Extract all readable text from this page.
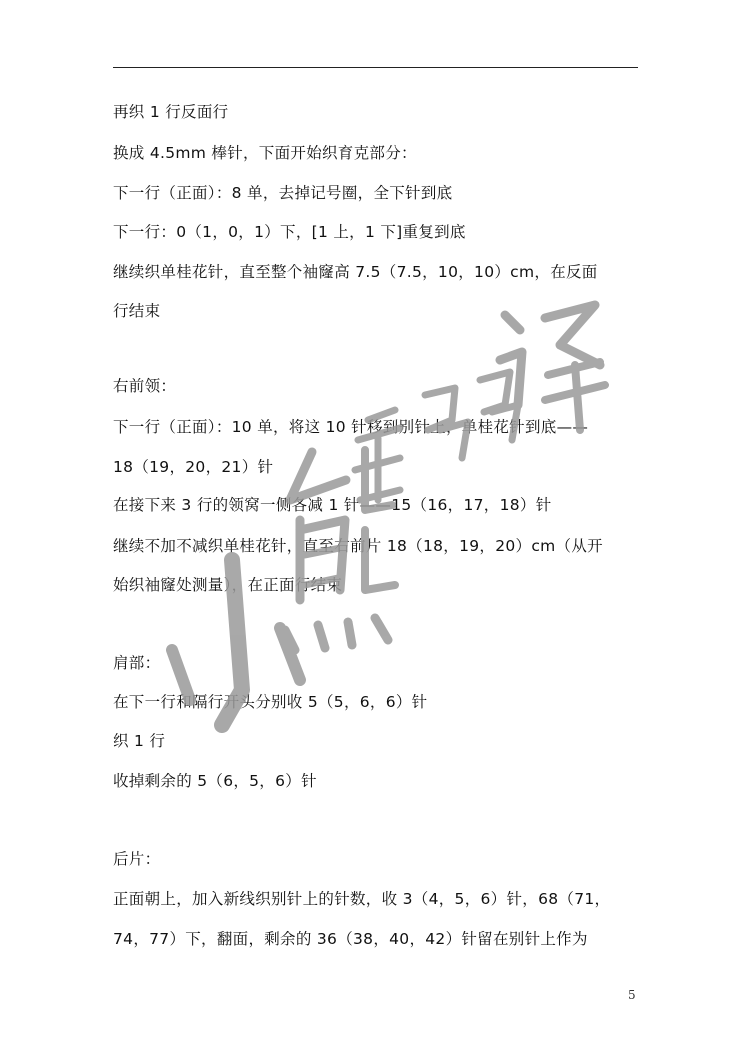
再织 1 行反面行
换成 4.5mm 棒针，下面开始织育克部分：
下一行（正面）：8 单，去掉记号圈，全下针到底
下一行：0（1，0，1）下，[1 上，1 下]重复到底
继续织单桂花针，直至整个袖窿高 7.5（7.5，10，10）cm，在反面
行结束
右前领：
下一行（正面）：10 单，将这 10 针移到别针上，单桂花针到底——
18（19，20，21）针
在接下来 3 行的领窝一侧各减 1 针——15（16，17，18）针
继续不加不减织单桂花针，直至右前片 18（18，19，20）cm（从开
始织袖窿处测量），在正面行结束
肩部：
在下一行和隔行开头分别收 5（5，6，6）针
织 1 行
收掉剩余的 5（6，5，6）针
后片：
正面朝上，加入新线织别针上的针数，收 3（4，5，6）针，68（71，
74，77）下，翻面，剩余的 36（38，40，42）针留在别针上作为
5
